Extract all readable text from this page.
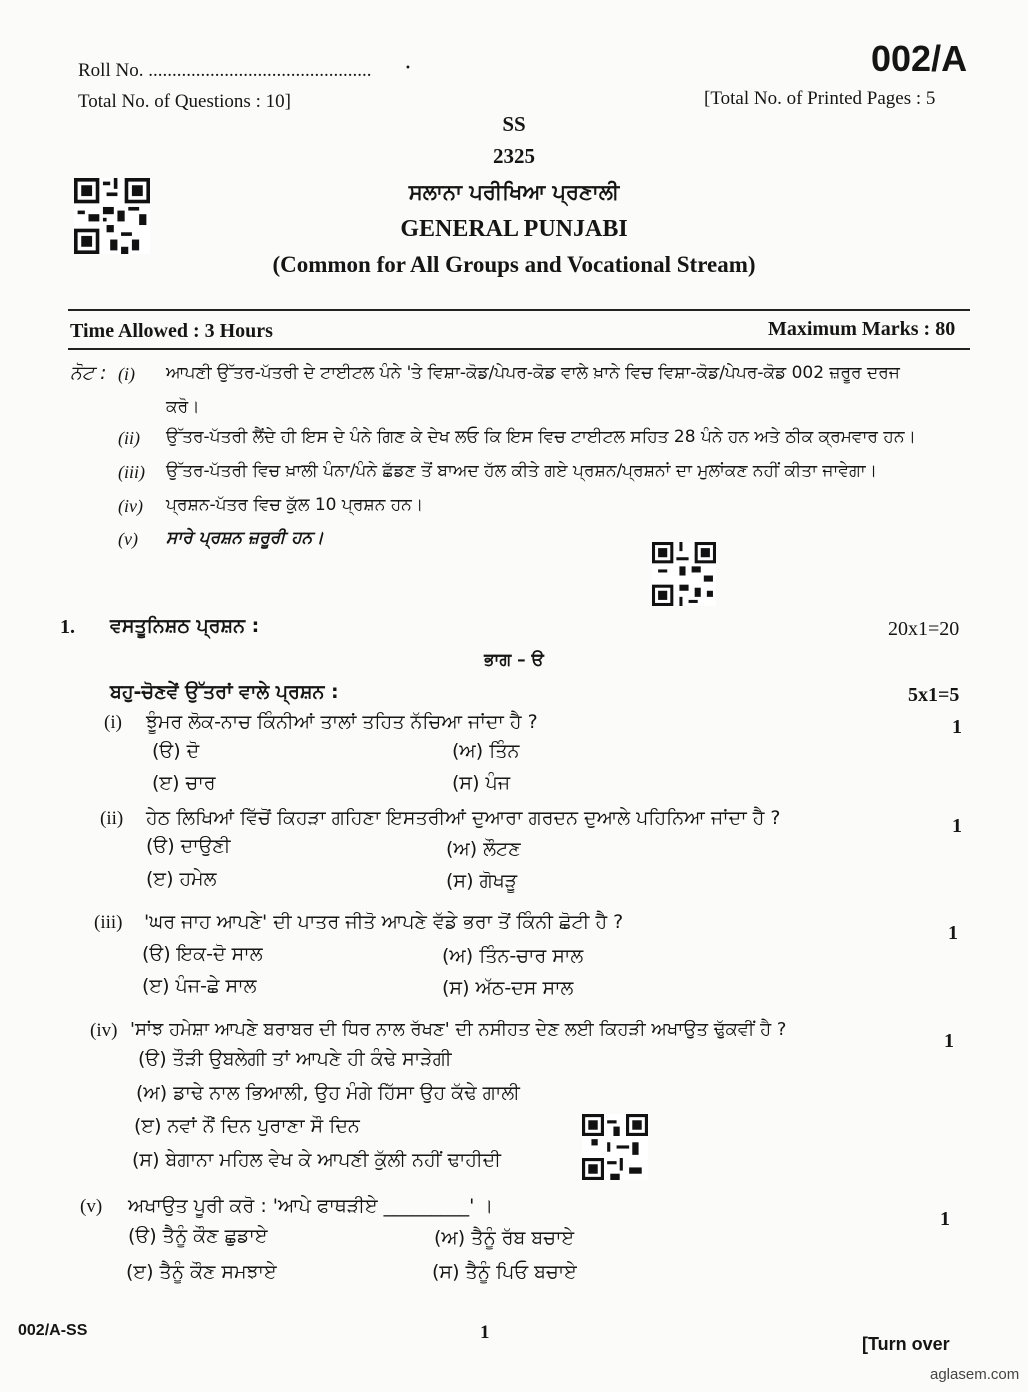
Roll No. ...............................................
Total No. of Questions : 10]
•	002/A
[Total No. of Printed Pages : 5
SS
2325
ਸਲਾਨਾ ਪਰੀਖਿਆ ਪ੍ਰਣਾਲੀ
GENERAL PUNJABI
(Common for All Groups and Vocational Stream)
Time Allowed : 3 Hours	Maximum Marks : 80
ਨੋਟ : (i) ਆਪਣੀ ਉੱਤਰ-ਪੱਤਰੀ ਦੇ ਟਾਈਟਲ ਪੰਨੇ 'ਤੇ ਵਿਸ਼ਾ-ਕੋਡ/ਪੇਪਰ-ਕੋਡ ਵਾਲੇ ਖ਼ਾਨੇ ਵਿਚ ਵਿਸ਼ਾ-ਕੋਡ/ਪੇਪਰ-ਕੋਡ 002 ਜ਼ਰੂਰ ਦਰਜ
ਕਰੋ।
(ii) ਉੱਤਰ-ਪੱਤਰੀ ਲੈਂਦੇ ਹੀ ਇਸ ਦੇ ਪੰਨੇ ਗਿਣ ਕੇ ਦੇਖ ਲਓ ਕਿ ਇਸ ਵਿਚ ਟਾਈਟਲ ਸਹਿਤ 28 ਪੰਨੇ ਹਨ ਅਤੇ ਠੀਕ ਕ੍ਰਮਵਾਰ ਹਨ।
(iii) ਉੱਤਰ-ਪੱਤਰੀ ਵਿਚ ਖ਼ਾਲੀ ਪੰਨਾ/ਪੰਨੇ ਛੱਡਣ ਤੋਂ ਬਾਅਦ ਹੱਲ ਕੀਤੇ ਗਏ ਪ੍ਰਸ਼ਨ/ਪ੍ਰਸ਼ਨਾਂ ਦਾ ਮੁਲਾਂਕਣ ਨਹੀਂ ਕੀਤਾ ਜਾਵੇਗਾ।
(iv) ਪ੍ਰਸ਼ਨ-ਪੱਤਰ ਵਿਚ ਕੁੱਲ 10 ਪ੍ਰਸ਼ਨ ਹਨ।
(v) ਸਾਰੇ ਪ੍ਰਸ਼ਨ ਜ਼ਰੂਰੀ ਹਨ।
1. ਵਸਤੂਨਿਸ਼ਠ ਪ੍ਰਸ਼ਨ :	20x1=20
ਭਾਗ – ੳ
ਬਹੁ-ਚੋਣਵੇਂ ਉੱਤਰਾਂ ਵਾਲੇ ਪ੍ਰਸ਼ਨ :	5x1=5
(i) ਝੂੰਮਰ ਲੋਕ-ਨਾਚ ਕਿੰਨੀਆਂ ਤਾਲਾਂ ਤਹਿਤ ਨੱਚਿਆ ਜਾਂਦਾ ਹੈ ?	1
(ੳ) ਦੋ	(ਅ) ਤਿੰਨ
(ੲ) ਚਾਰ	(ਸ) ਪੰਜ
(ii) ਹੇਠ ਲਿਖਿਆਂ ਵਿੱਚੋਂ ਕਿਹੜਾ ਗਹਿਣਾ ਇਸਤਰੀਆਂ ਦੁਆਰਾ ਗਰਦਨ ਦੁਆਲੇ ਪਹਿਨਿਆ ਜਾਂਦਾ ਹੈ ?	1
(ੳ) ਦਾਉਣੀ	(ਅ) ਲੌਟਣ
(ੲ) ਹਮੇਲ	(ਸ) ਗੋਖੜੂ
(iii) 'ਘਰ ਜਾਹ ਆਪਣੇ' ਦੀ ਪਾਤਰ ਜੀਤੋ ਆਪਣੇ ਵੱਡੇ ਭਰਾ ਤੋਂ ਕਿੰਨੀ ਛੋਟੀ ਹੈ ?	1
(ੳ) ਇਕ-ਦੋ ਸਾਲ	(ਅ) ਤਿੰਨ-ਚਾਰ ਸਾਲ
(ੲ) ਪੰਜ-ਛੇ ਸਾਲ	(ਸ) ਅੱਠ-ਦਸ ਸਾਲ
(iv) 'ਸਾਂਝ ਹਮੇਸ਼ਾ ਆਪਣੇ ਬਰਾਬਰ ਦੀ ਧਿਰ ਨਾਲ ਰੱਖਣ' ਦੀ ਨਸੀਹਤ ਦੇਣ ਲਈ ਕਿਹੜੀ ਅਖਾਉਤ ਢੁੱਕਵੀਂ ਹੈ ?
1
(ੳ) ਤੌੜੀ ਉਬਲੇਗੀ ਤਾਂ ਆਪਣੇ ਹੀ ਕੰਢੇ ਸਾੜੇਗੀ
(ਅ) ਡਾਢੇ ਨਾਲ ਭਿਆਲੀ, ਉਹ ਮੰਗੇ ਹਿੱਸਾ ਉਹ ਕੱਢੇ ਗਾਲੀ
(ੲ) ਨਵਾਂ ਨੌਂ ਦਿਨ ਪੁਰਾਣਾ ਸੌ ਦਿਨ
(ਸ) ਬੇਗਾਨਾ ਮਹਿਲ ਵੇਖ ਕੇ ਆਪਣੀ ਕੁੱਲੀ ਨਹੀਂ ਢਾਹੀਦੀ
(v) ਅਖਾਉਤ ਪੂਰੀ ਕਰੋ : 'ਆਪੇ ਫਾਥੜੀਏ _________' ।
1
(ੳ) ਤੈਨੂੰ ਕੌਣ ਛੁਡਾਏ	(ਅ) ਤੈਨੂੰ ਰੱਬ ਬਚਾਏ
(ੲ) ਤੈਨੂੰ ਕੌਣ ਸਮਝਾਏ	(ਸ) ਤੈਨੂੰ ਪਿਓ ਬਚਾਏ
002/A-SS	1
[Turn over
aglasem.com
